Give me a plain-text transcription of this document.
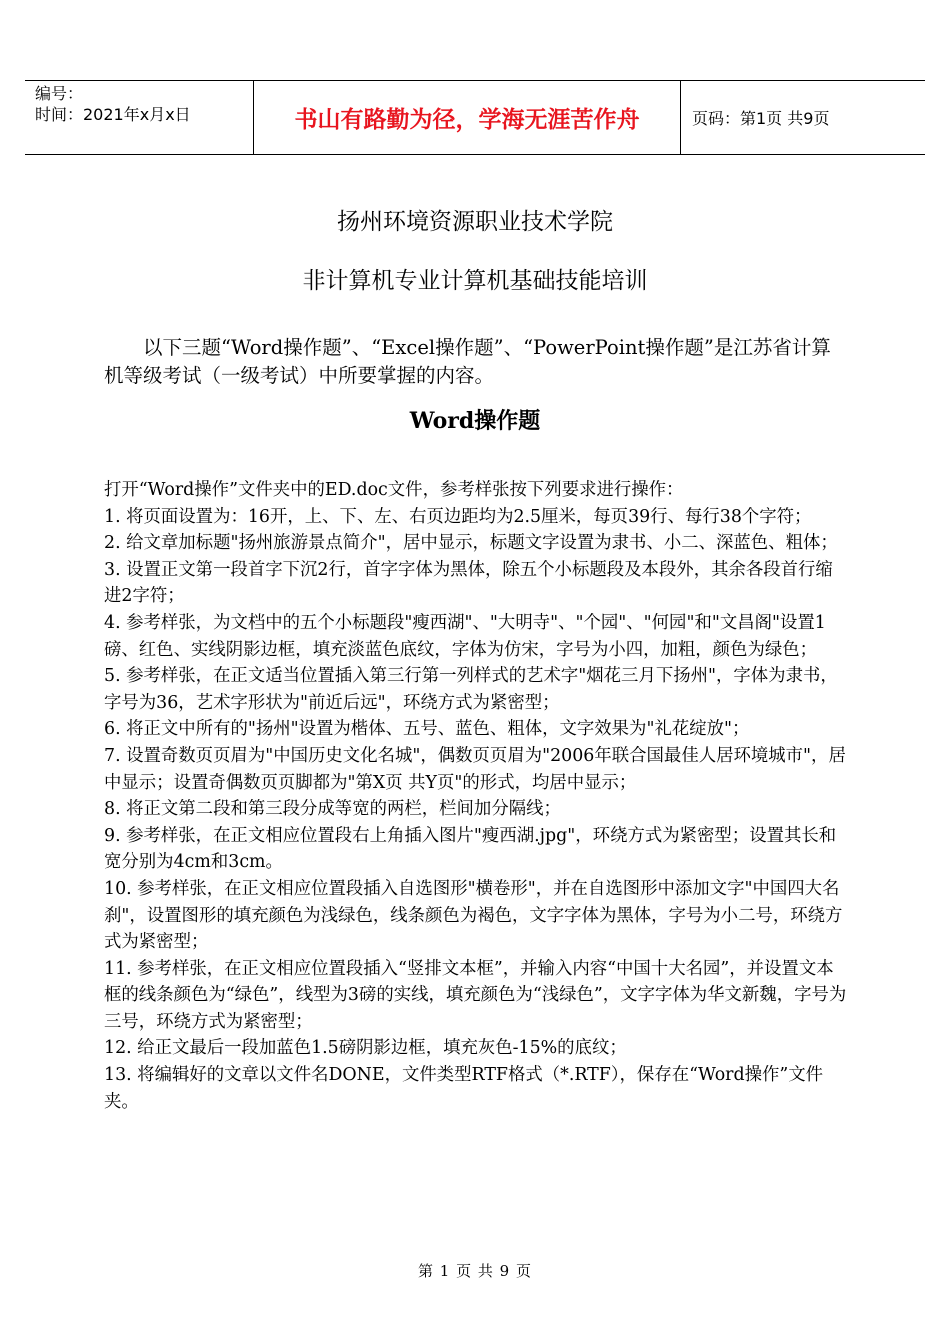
编号：
时间：2021年x月x日	书山有路勤为径，学海无涯苦作舟	页码：第1页 共9页
扬州环境资源职业技术学院
非计算机专业计算机基础技能培训

以下三题“Word操作题”、“Excel操作题”、“PowerPoint操作题”是江苏省计算机等级考试（一级考试）中所要掌握的内容。

Word操作题

打开“Word操作”文件夹中的ED.doc文件，参考样张按下列要求进行操作：

1. 将页面设置为：16开，上、下、左、右页边距均为2.5厘米，每页39行、每行38个字符；

2. 给文章加标题"扬州旅游景点简介"，居中显示，标题文字设置为隶书、小二、深蓝色、粗体；

3. 设置正文第一段首字下沉2行，首字字体为黑体，除五个小标题段及本段外，其余各段首行缩进2字符；

4. 参考样张，为文档中的五个小标题段"瘦西湖"、"大明寺"、"个园"、"何园"和"文昌阁"设置1磅、红色、实线阴影边框，填充淡蓝色底纹，字体为仿宋，字号为小四，加粗，颜色为绿色；

5. 参考样张，在正文适当位置插入第三行第一列样式的艺术字"烟花三月下扬州"，字体为隶书，字号为36，艺术字形状为"前近后远"，环绕方式为紧密型；

6. 将正文中所有的"扬州"设置为楷体、五号、蓝色、粗体，文字效果为"礼花绽放"；

7. 设置奇数页页眉为"中国历史文化名城"，偶数页页眉为"2006年联合国最佳人居环境城市"，居中显示；设置奇偶数页页脚都为"第X页 共Y页"的形式，均居中显示；

8. 将正文第二段和第三段分成等宽的两栏，栏间加分隔线；

9. 参考样张，在正文相应位置段右上角插入图片"瘦西湖.jpg"，环绕方式为紧密型；设置其长和宽分别为4cm和3cm。

10. 参考样张，在正文相应位置段插入自选图形"横卷形"，并在自选图形中添加文字"中国四大名刹"，设置图形的填充颜色为浅绿色，线条颜色为褐色，文字字体为黑体，字号为小二号，环绕方式为紧密型；

11. 参考样张，在正文相应位置段插入“竖排文本框”，并输入内容“中国十大名园”，并设置文本框的线条颜色为“绿色”，线型为3磅的实线，填充颜色为“浅绿色”，文字字体为华文新魏，字号为三号，环绕方式为紧密型；

12. 给正文最后一段加蓝色1.5磅阴影边框，填充灰色-15%的底纹；

13. 将编辑好的文章以文件名DONE，文件类型RTF格式（*.RTF），保存在“Word操作”文件夹。

第 1 页 共 9 页
